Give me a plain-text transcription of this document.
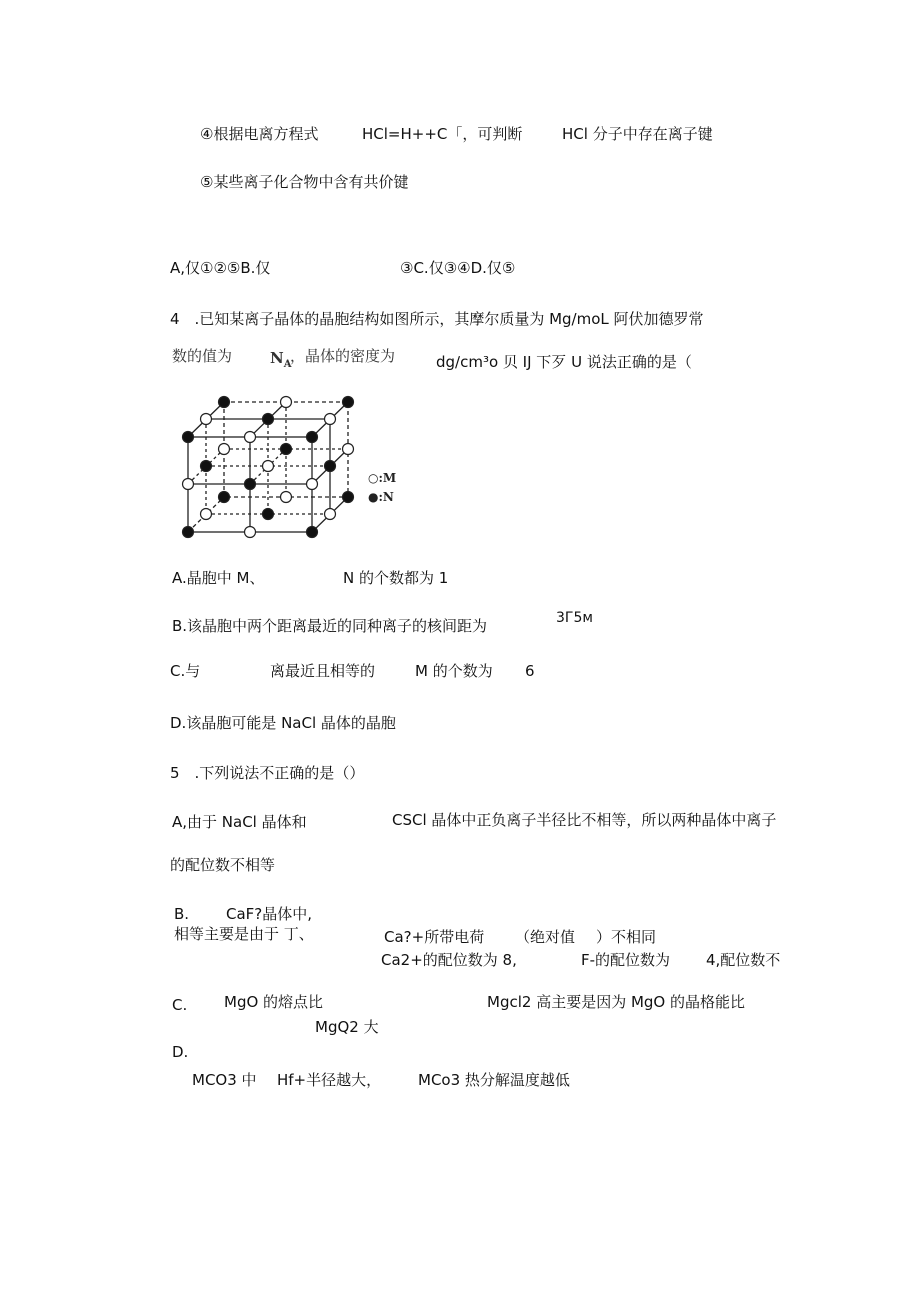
④根据电离方程式	HCl=H++C「，可判断	HCl 分子中存在离子键
⑤某些离子化合物中含有共价键
A,仅①②⑤B.仅	③C.仅③④D.仅⑤
4　.已知某离子晶体的晶胞结构如图所示，其摩尔质量为 Mg/moL 阿伏加德罗常
数的值为	$N_A$
，晶体的密度为	dg∕cm³o 贝 IJ 下歹 U 说法正确的是（
○:M
●:N
A.晶胞中 M、	N 的个数都为 1
B.该晶胞中两个距离最近的同种离子的核间距为	3Г5м
C.与	离最近且相等的	M 的个数为 6
D.该晶胞可能是 NaCl 晶体的晶胞
5　.下列说法不正确的是（）
A,由于 NaCl 晶体和	CSCl 晶体中正负离子半径比不相等，所以两种晶体中离子
的配位数不相等
B. CaF?晶体中,
相等主要是由于 丁、	Ca?+所带电荷 （绝对值 ）不相同
Ca2+的配位数为 8,	F-的配位数为 4,配位数不
C. MgO 的熔点比	Mgcl2 高主要是因为 MgO 的晶格能比
MgQ2 大
D.
MCO3 中 Hf+半径越大， MCo3 热分解温度越低
